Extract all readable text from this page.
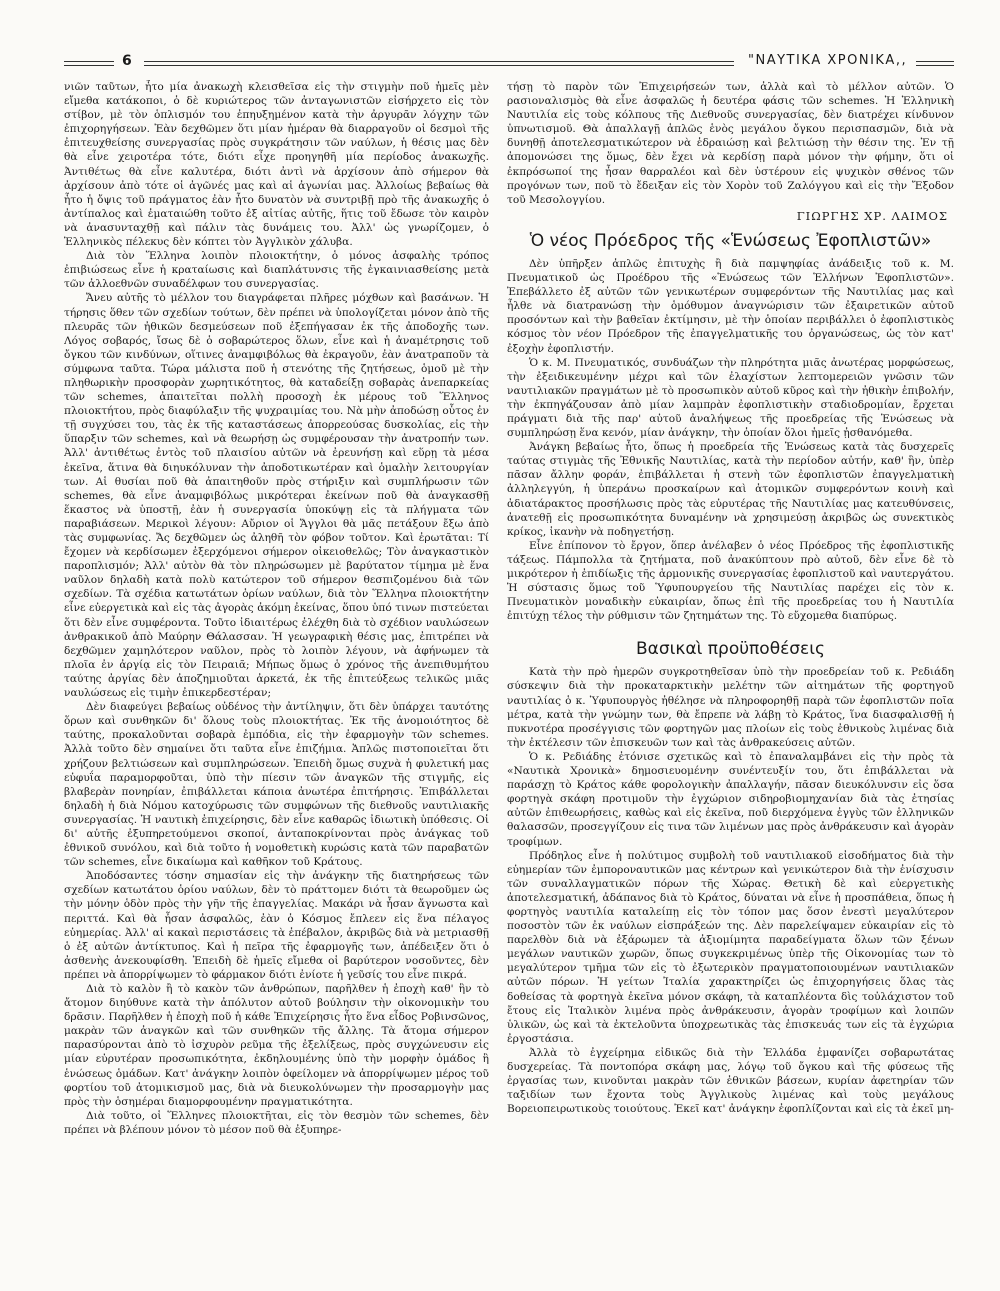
6	"ΝΑΥΤΙΚΑ ΧΡΟΝΙΚΑ,,

νιῶν ταῦτων, ἧτο μία ἀνακωχὴ κλεισθεῖσα εἰς τὴν στιγμὴν ποῦ ἡμεῖς μὲν εἴμεθα κατάκοποι, ὁ δὲ κυριώτερος τῶν ἀνταγωνιστῶν εἰσήρχετο εἰς τὸν στίβον, μὲ τὸν ὁπλισμόν του ἐπηυξημένον κατὰ τὴν ἀργυρᾶν λόγχην τῶν ἐπιχορηγήσεων. Ἐὰν δεχθῶμεν ὅτι μίαν ἡμέραν θὰ διαρραγοῦν οἱ δεσμοὶ τῆς ἐπιτευχθείσης συνεργασίας πρὸς συγκράτησιν τῶν ναύλων, ἡ θέσις μας δὲν θὰ εἶνε χειροτέρα τότε, διότι εἶχε προηγηθῆ μία περίοδος ἀνακωχῆς. Ἀντιθέτως θὰ εἶνε καλυτέρα, διότι ἀντὶ νὰ ἀρχίσουν ἀπὸ σήμερον θὰ ἀρχίσουν ἀπὸ τότε οἱ ἀγῶνές μας καὶ αἱ ἀγωνίαι μας. Ἀλλοίως βεβαίως θὰ ἧτο ἡ ὄψις τοῦ πράγματος ἐὰν ἧτο δυνατὸν νὰ συντριβῇ πρὸ τῆς ἀνακωχῆς ὁ ἀντίπαλος καὶ ἐματαιώθη τοῦτο ἐξ αἰτίας αὐτῆς, ἥτις τοῦ ἔδωσε τὸν καιρὸν νὰ ἀνασυνταχθῇ καὶ πάλιν τὰς δυνάμεις του. Ἀλλ' ὡς γνωρίζομεν, ὁ Ἑλληνικὸς πέλεκυς δὲν κόπτει τὸν Ἀγγλικὸν χάλυβα.

Διὰ τὸν Ἕλληνα λοιπὸν πλοιοκτήτην, ὁ μόνος ἀσφαλὴς τρόπος ἐπιβιώσεως εἶνε ἡ κραταίωσις καὶ διαπλάτυνσις τῆς ἐγκαινιασθείσης μετὰ τῶν ἀλλοεθνῶν συναδέλφων του συνεργασίας.

Ἄνευ αὐτῆς τὸ μέλλον του διαγράφεται πλῆρες μόχθων καὶ βασάνων. Ἡ τήρησις ὅθεν τῶν σχεδίων τούτων, δὲν πρέπει νὰ ὑπολογίζεται μόνον ἀπὸ τῆς πλευρᾶς τῶν ἠθικῶν δεσμεύσεων ποῦ ἐξεπήγασαν ἐκ τῆς ἀποδοχῆς των. Λόγος σοβαρός, ἴσως δὲ ὁ σοβαρώτερος ὅλων, εἶνε καὶ ἡ ἀναμέτρησις τοῦ ὄγκου τῶν κινδύνων, οἵτινες ἀναμφιβόλως θὰ ἐκραγοῦν, ἐὰν ἀνατραποῦν τὰ σύμφωνα ταῦτα. Τώρα μάλιστα ποῦ ἡ στενότης τῆς ζητήσεως, ὁμοῦ μὲ τὴν πληθωρικὴν προσφορὰν χωρητικότητος, θὰ καταδείξῃ σοβαρὰς ἀνεπαρκείας τῶν schemes, ἀπαιτεῖται πολλὴ προσοχὴ ἐκ μέρους τοῦ Ἕλληνος πλοιοκτήτου, πρὸς διαφύλαξιν τῆς ψυχραιμίας του. Νὰ μὴν ἀποδώσῃ οὗτος ἐν τῇ συγχύσει του, τὰς ἐκ τῆς καταστάσεως ἀπορρεούσας δυσκολίας, εἰς τὴν ὕπαρξιν τῶν schemes, καὶ νὰ θεωρήσῃ ὡς συμφέρουσαν τὴν ἀνατροπήν των. Ἀλλ' ἀντιθέτως ἐντὸς τοῦ πλαισίου αὐτῶν νὰ ἐρευνήσῃ καὶ εὕρῃ τὰ μέσα ἐκεῖνα, ἅτινα θὰ διηυκόλυναν τὴν ἀποδοτικωτέραν καὶ ὁμαλὴν λειτουργίαν των. Αἱ θυσίαι ποῦ θὰ ἀπαιτηθοῦν πρὸς στήριξιν καὶ συμπλήρωσιν τῶν schemes, θὰ εἶνε ἀναμφιβόλως μικρότεραι ἐκείνων ποῦ θὰ ἀναγκασθῇ ἕκαστος νὰ ὑποστῇ, ἐὰν ἡ συνεργασία ὑποκύψῃ εἰς τὰ πλήγματα τῶν παραβιάσεων. Μερικοὶ λέγουν: Αὔριον οἱ Ἄγγλοι θὰ μᾶς πετάξουν ἔξω ἀπὸ τὰς συμφωνίας. Ἄς δεχθῶμεν ὡς ἀληθῆ τὸν φόβον τοῦτον. Καὶ ἐρωτᾶται: Τί ἔχομεν νὰ κερδίσωμεν ἐξερχόμενοι σήμερον οἰκειοθελῶς; Τὸν ἀναγκαστικὸν παροπλισμόν; Ἀλλ' αὐτὸν θὰ τὸν πληρώσωμεν μὲ βαρύτατον τίμημα μὲ ἕνα ναῦλον δηλαδὴ κατὰ πολὺ κατώτερον τοῦ σήμερον θεσπιζομένου διὰ τῶν σχεδίων. Τὰ σχέδια κατωτάτων ὁρίων ναύλων, διὰ τὸν Ἕλληνα πλοιοκτήτην εἶνε εὐεργετικὰ καὶ εἰς τὰς ἀγορὰς ἀκόμη ἐκείνας, ὅπου ὑπό τινων πιστεύεται ὅτι δὲν εἶνε συμφέροντα. Τοῦτο ἰδιαιτέρως ἐλέχθη διὰ τὸ σχέδιον ναυλώσεων ἀνθρακικοῦ ἀπὸ Μαύρην Θάλασσαν. Ἡ γεωγραφικὴ θέσις μας, ἐπιτρέπει νὰ δεχθῶμεν χαμηλότερον ναῦλον, πρὸς τὸ λοιπὸν λέγουν, νὰ ἀφήνωμεν τὰ πλοῖα ἐν ἀργίᾳ εἰς τὸν Πειραιᾶ; Μήπως ὅμως ὁ χρόνος τῆς ἀνεπιθυμήτου ταύτης ἀργίας δὲν ἀποζημιοῦται ἀρκετά, ἐκ τῆς ἐπιτεύξεως τελικῶς μιᾶς ναυλώσεως εἰς τιμὴν ἐπικερδεστέραν;

Δὲν διαφεύγει βεβαίως οὐδένος τὴν ἀντίληψιν, ὅτι δὲν ὑπάρχει ταυτότης ὅρων καὶ συνθηκῶν δι' ὅλους τοὺς πλοιοκτήτας. Ἐκ τῆς ἀνομοιότητος δὲ ταύτης, προκαλοῦνται σοβαρὰ ἐμπόδια, εἰς τὴν ἐφαρμογὴν τῶν schemes. Ἀλλὰ τοῦτο δὲν σημαίνει ὅτι ταῦτα εἶνε ἐπιζήμια. Ἁπλῶς πιστοποιεῖται ὅτι χρήζουν βελτιώσεων καὶ συμπληρώσεων. Ἐπειδὴ ὅμως συχνὰ ἡ φυλετική μας εὐφυΐα παραμορφοῦται, ὑπὸ τὴν πίεσιν τῶν ἀναγκῶν τῆς στιγμῆς, εἰς βλαβερὰν πονηρίαν, ἐπιβάλλεται κάποια ἀνωτέρα ἐπιτήρησις. Ἐπιβάλλεται δηλαδὴ ἡ διὰ Νόμου κατοχύρωσις τῶν συμφώνων τῆς διεθνοῦς ναυτιλιακῆς συνεργασίας. Ἡ ναυτικὴ ἐπιχείρησις, δὲν εἶνε καθαρῶς ἰδιωτικὴ ὑπόθεσις. Οἱ δι' αὐτῆς ἐξυπηρετούμενοι σκοποί, ἀνταποκρίνονται πρὸς ἀνάγκας τοῦ ἐθνικοῦ συνόλου, καὶ διὰ τοῦτο ἡ νομοθετικὴ κυρώσις κατὰ τῶν παραβατῶν τῶν schemes, εἶνε δικαίωμα καὶ καθῆκον τοῦ Κράτους.

Ἀποδόσαντες τόσην σημασίαν εἰς τὴν ἀνάγκην τῆς διατηρήσεως τῶν σχεδίων κατωτάτου ὁρίου ναύλων, δὲν τὸ πράττομεν διότι τὰ θεωροῦμεν ὡς τὴν μόνην ὁδὸν πρὸς τὴν γῆν τῆς ἐπαγγελίας. Μακάρι νὰ ἦσαν ἄγνωστα καὶ περιττά. Καὶ θὰ ἦσαν ἀσφαλῶς, ἐὰν ὁ Κόσμος ἔπλεεν εἰς ἕνα πέλαγος εὐημερίας. Ἀλλ' αἱ κακαὶ περιστάσεις τὰ ἐπέβαλον, ἀκριβῶς διὰ νὰ μετριασθῇ ὁ ἐξ αὐτῶν ἀντίκτυπος. Καὶ ἡ πεῖρα τῆς ἐφαρμογῆς των, ἀπέδειξεν ὅτι ὁ ἀσθενὴς ἀνεκουφίσθη. Ἐπειδὴ δὲ ἡμεῖς εἴμεθα οἱ βαρύτερον νοσοῦντες, δὲν πρέπει νὰ ἀπορρίψωμεν τὸ φάρμακον διότι ἐνίοτε ἡ γεῦσίς του εἶνε πικρά.

Διὰ τὸ καλὸν ἢ τὸ κακὸν τῶν ἀνθρώπων, παρῆλθεν ἡ ἐποχὴ καθ' ἣν τὸ ἄτομον διηύθυνε κατὰ τὴν ἀπόλυτον αὐτοῦ βούλησιν τὴν οἰκονομικὴν του δρᾶσιν. Παρῆλθεν ἡ ἐποχὴ ποῦ ἡ κάθε Ἐπιχείρησις ἧτο ἕνα εἶδος Ροβινσῶνος, μακρὰν τῶν ἀναγκῶν καὶ τῶν συνθηκῶν τῆς ἄλλης. Τὰ ἄτομα σήμερον παρασύρονται ἀπὸ τὸ ἰσχυρὸν ρεῦμα τῆς ἐξελίξεως, πρὸς συγχώνευσιν εἰς μίαν εὐρυτέραν προσωπικότητα, ἐκδηλουμένης ὑπὸ τὴν μορφὴν ὁμάδος ἢ ἑνώσεως ὁμάδων. Κατ' ἀνάγκην λοιπὸν ὀφείλομεν νὰ ἀπορρίψωμεν μέρος τοῦ φορτίου τοῦ ἀτομικισμοῦ μας, διὰ νὰ διευκολύνωμεν τὴν προσαρμογὴν μας πρὸς τὴν ὁσημέραι διαμορφουμένην πραγματικότητα.

Διὰ τοῦτο, οἱ Ἕλληνες πλοιοκτῆται, εἰς τὸν θεσμὸν τῶν schemes, δὲν πρέπει νὰ βλέπουν μόνον τὸ μέσον ποῦ θὰ ἐξυπηρε-

τήσῃ τὸ παρὸν τῶν Ἐπιχειρήσεών των, ἀλλὰ καὶ τὸ μέλλον αὐτῶν. Ὁ ρασιοναλισμὸς θὰ εἶνε ἀσφαλῶς ἡ δευτέρα φάσις τῶν schemes. Ἡ Ἑλληνικὴ Ναυτιλία εἰς τοὺς κόλπους τῆς Διεθνοῦς συνεργασίας, δὲν διατρέχει κίνδυνον ὑπνωτισμοῦ. Θὰ ἀπαλλαγῇ ἁπλῶς ἑνὸς μεγάλου ὄγκου περισπασμῶν, διὰ νὰ δυνηθῇ ἀποτελεσματικώτερον νὰ ἑδραιώσῃ καὶ βελτιώσῃ τὴν θέσιν της. Ἐν τῇ ἀπομονώσει της ὅμως, δὲν ἔχει νὰ κερδίσῃ παρὰ μόνον τὴν φήμην, ὅτι οἱ ἐκπρόσωποί της ἦσαν θαρραλέοι καὶ δὲν ὑστέρουν εἰς ψυχικὸν σθένος τῶν προγόνων των, ποῦ τὸ ἔδειξαν εἰς τὸν Χορὸν τοῦ Ζαλόγγου καὶ εἰς τὴν Ἔξοδον τοῦ Μεσολογγίου.

ΓΙΩΡΓΗΣ ΧΡ. ΛΑΙΜΟΣ
Ὁ νέος Πρόεδρος τῆς «Ἑνώσεως Ἐφοπλιστῶν»

Δὲν ὑπῆρξεν ἁπλῶς ἐπιτυχὴς ἢ διὰ παμψηφίας ἀνάδειξις τοῦ κ. Μ. Πνευματικοῦ ὡς Προέδρου τῆς «Ἑνώσεως τῶν Ἑλλήνων Ἐφοπλιστῶν». Ἐπεβάλλετο ἐξ αὐτῶν τῶν γενικωτέρων συμφερόντων τῆς Ναυτιλίας μας καὶ ἦλθε νὰ διατρανώσῃ τὴν ὁμόθυμον ἀναγνώρισιν τῶν ἐξαιρετικῶν αὐτοῦ προσόντων καὶ τὴν βαθεῖαν ἐκτίμησιν, μὲ τὴν ὁποίαν περιβάλλει ὁ ἐφοπλιστικὸς κόσμος τὸν νέον Πρόεδρον τῆς ἐπαγγελματικῆς του ὀργανώσεως, ὡς τὸν κατ' ἐξοχὴν ἐφοπλιστήν.

Ὁ κ. Μ. Πνευματικός, συνδυάζων τὴν πληρότητα μιᾶς ἀνωτέρας μορφώσεως, τὴν ἐξειδικευμένην μέχρι καὶ τῶν ἐλαχίστων λεπτομερειῶν γνῶσιν τῶν ναυτιλιακῶν πραγμάτων μὲ τὸ προσωπικὸν αὐτοῦ κῦρος καὶ τὴν ἠθικὴν ἐπιβολήν, τὴν ἐκπηγάζουσαν ἀπὸ μίαν λαμπρὰν ἐφοπλιστικὴν σταδιοδρομίαν, ἔρχεται πράγματι διὰ τῆς παρ' αὐτοῦ ἀναλήψεως τῆς προεδρείας τῆς Ἑνώσεως νὰ συμπληρώσῃ ἕνα κενόν, μίαν ἀνάγκην, τὴν ὁποίαν ὅλοι ἡμεῖς ᾐσθανόμεθα.

Ἀνάγκη βεβαίως ἧτο, ὅπως ἡ προεδρεία τῆς Ἑνώσεως κατὰ τὰς δυσχερεῖς ταύτας στιγμὰς τῆς Ἐθνικῆς Ναυτιλίας, κατὰ τὴν περίοδον αὐτήν, καθ' ἣν, ὑπὲρ πᾶσαν ἄλλην φοράν, ἐπιβάλλεται ἡ στενὴ τῶν ἐφοπλιστῶν ἐπαγγελματικὴ ἀλληλεγγύη, ἡ ὑπεράνω προσκαίρων καὶ ἀτομικῶν συμφερόντων κοινὴ καὶ ἀδιατάρακτος προσήλωσις πρὸς τὰς εὐρυτέρας τῆς Ναυτιλίας μας κατευθύνσεις, ἀνατεθῇ εἰς προσωπικότητα δυναμένην νὰ χρησιμεύσῃ ἀκριβῶς ὡς συνεκτικὸς κρίκος, ἱκανὴν νὰ ποδηγετήσῃ.

Εἶνε ἐπίπονον τὸ ἔργον, ὅπερ ἀνέλαβεν ὁ νέος Πρόεδρος τῆς ἐφοπλιστικῆς τάξεως. Πάμπολλα τὰ ζητήματα, ποῦ ἀνακύπτουν πρὸ αὐτοῦ, δὲν εἶνε δὲ τὸ μικρότερον ἡ ἐπιδίωξις τῆς ἁρμονικῆς συνεργασίας ἐφοπλιστοῦ καὶ ναυτεργάτου. Ἡ σύστασις ὅμως τοῦ Ὑφυπουργείου τῆς Ναυτιλίας παρέχει εἰς τὸν κ. Πνευματικὸν μοναδικὴν εὐκαιρίαν, ὅπως ἐπὶ τῆς προεδρείας του ἡ Ναυτιλία ἐπιτύχῃ τέλος τὴν ρύθμισιν τῶν ζητημάτων της. Τὸ εὔχομεθα διαπύρως.

Βασικαὶ προϋποθέσεις

Κατὰ τὴν πρὸ ἡμερῶν συγκροτηθεῖσαν ὑπὸ τὴν προεδρείαν τοῦ κ. Ρεδιάδη σύσκεψιν διὰ τὴν προκαταρκτικὴν μελέτην τῶν αἰτημάτων τῆς φορτηγοῦ ναυτιλίας ὁ κ. Ὑφυπουργὸς ἠθέλησε νὰ πληροφορηθῇ παρὰ τῶν ἐφοπλιστῶν ποῖα μέτρα, κατὰ τὴν γνώμην των, θὰ ἔπρεπε νὰ λάβῃ τὸ Κράτος, ἵνα διασφαλισθῇ ἡ πυκνοτέρα προσέγγισις τῶν φορτηγῶν μας πλοίων εἰς τοὺς ἐθνικοὺς λιμένας διὰ τὴν ἐκτέλεσιν τῶν ἐπισκευῶν των καὶ τὰς ἀνθρακεύσεις αὐτῶν.

Ὁ κ. Ρεδιάδης ἐτόνισε σχετικῶς καὶ τὸ ἐπαναλαμβάνει εἰς τὴν πρὸς τὰ «Ναυτικὰ Χρονικὰ» δημοσιευομένην συνέντευξίν του, ὅτι ἐπιβάλλεται νὰ παράσχῃ τὸ Κράτος κάθε φορολογικὴν ἀπαλλαγήν, πᾶσαν διευκόλυνσιν εἰς ὅσα φορτηγὰ σκάφη προτιμοῦν τὴν ἐγχώριον σιδηροβιομηχανίαν διὰ τὰς ἐτησίας αὐτῶν ἐπιθεωρήσεις, καθὼς καὶ εἰς ἐκεῖνα, ποῦ διερχόμενα ἐγγὺς τῶν ἑλληνικῶν θαλασσῶν, προσεγγίζουν εἰς τινα τῶν λιμένων μας πρὸς ἀνθράκευσιν καὶ ἀγορὰν τροφίμων.

Πρόδηλος εἶνε ἡ πολύτιμος συμβολὴ τοῦ ναυτιλιακοῦ εἰσοδήματος διὰ τὴν εὐημερίαν τῶν ἐμποροναυτικῶν μας κέντρων καὶ γενικώτερον διὰ τὴν ἐνίσχυσιν τῶν συναλλαγματικῶν πόρων τῆς Χώρας. Θετικὴ δὲ καὶ εὐεργετικὴς ἀποτελεσματική, ἀδάπανος διὰ τὸ Κράτος, δύναται νὰ εἶνε ἡ προσπάθεια, ὅπως ἡ φορτηγὸς ναυτιλία καταλείπῃ εἰς τὸν τόπον μας ὅσον ἐνεστὶ μεγαλύτερον ποσοστὸν τῶν ἐκ ναύλων εἰσπράξεών της. Δὲν παρελείψαμεν εὐκαιρίαν εἰς τὸ παρελθὸν διὰ νὰ ἐξάρωμεν τὰ ἀξιομίμητα παραδείγματα ὅλων τῶν ξένων μεγάλων ναυτικῶν χωρῶν, ὅπως συγκεκριμένως ὑπὲρ τῆς Οἰκονομίας των τὸ μεγαλύτερον τμῆμα τῶν εἰς τὸ ἐξωτερικὸν πραγματοποιουμένων ναυτιλιακῶν αὐτῶν πόρων. Ἡ γείτων Ἰταλία χαρακτηρίζει ὡς ἐπιχορηγήσεις ὅλας τὰς δοθείσας τὰ φορτηγὰ ἐκεῖνα μόνον σκάφη, τὰ καταπλέοντα δὶς τοὐλάχιστον τοῦ ἔτους εἰς Ἰταλικὸν λιμένα πρὸς ἀνθράκευσιν, ἀγορὰν τροφίμων καὶ λοιπῶν ὑλικῶν, ὡς καὶ τὰ ἐκτελοῦντα ὑποχρεωτικὰς τὰς ἐπισκευάς των εἰς τὰ ἐγχώρια ἐργοστάσια.

Ἀλλὰ τὸ ἐγχείρημα εἰδικῶς διὰ τὴν Ἑλλάδα ἐμφανίζει σοβαρωτάτας δυσχερείας. Τὰ ποντοπόρα σκάφη μας, λόγῳ τοῦ ὄγκου καὶ τῆς φύσεως τῆς ἐργασίας των, κινοῦνται μακρὰν τῶν ἐθνικῶν βάσεων, κυρίαν ἀφετηρίαν τῶν ταξιδίων των ἔχοντα τοὺς Ἀγγλικοὺς λιμένας καὶ τοὺς μεγάλους Βορειοπειρωτικοὺς τοιούτους. Ἐκεῖ κατ' ἀνάγκην ἐφοπλίζονται καὶ εἰς τὰ ἐκεῖ μη-
